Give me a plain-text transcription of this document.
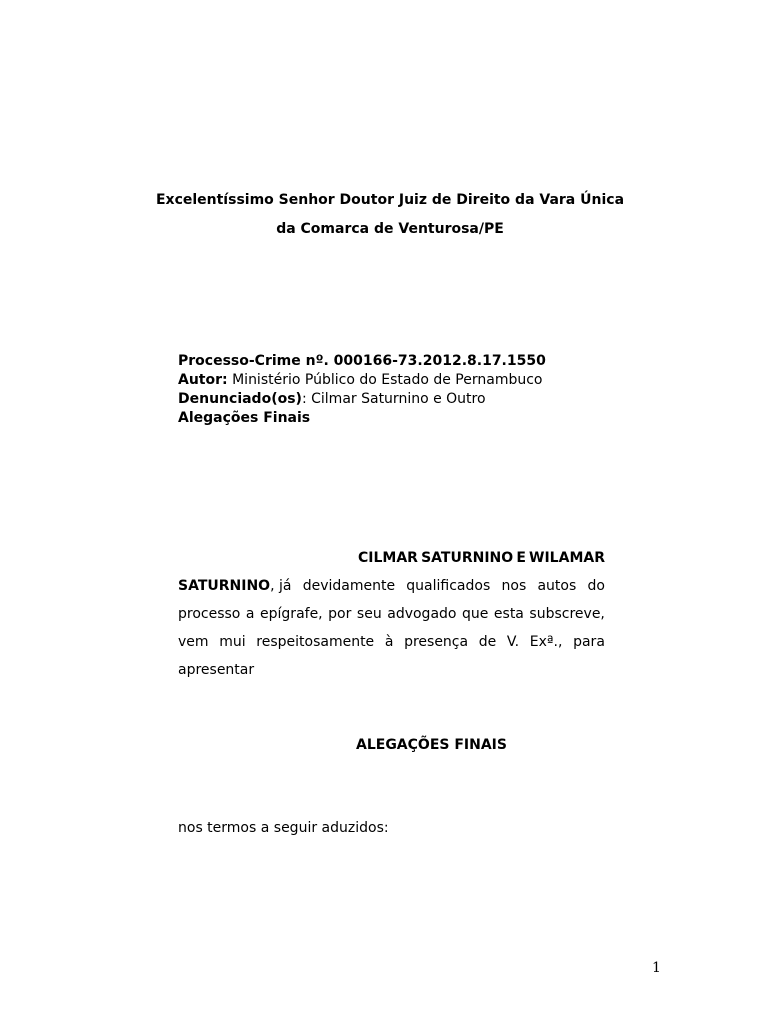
Excelentíssimo Senhor Doutor Juiz de Direito da Vara Única
da Comarca de Venturosa/PE
Processo-Crime nº. 000166-73.2012.8.17.1550
Autor: Ministério Público do Estado de Pernambuco
Denunciado(os): Cilmar Saturnino e Outro
Alegações Finais
CILMAR SATURNINO E WILAMAR
SATURNINO, já devidamente qualificados nos autos do
processo a epígrafe, por seu advogado que esta subscreve,
vem mui respeitosamente à presença de V. Exª., para
apresentar
ALEGAÇÕES FINAIS
nos termos a seguir aduzidos:
1
